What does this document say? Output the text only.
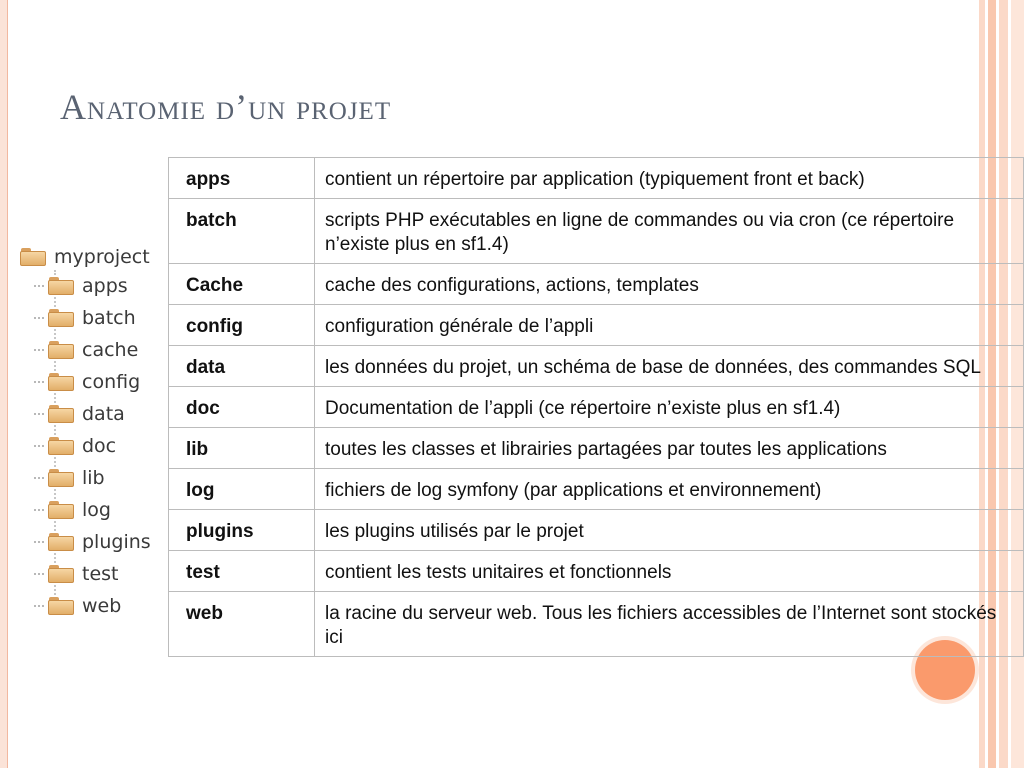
Anatomie d’un projet
myproject
apps
batch
cache
config
data
doc
lib
log
plugins
test
web
apps	contient un répertoire par application (typiquement front et back)
batch	scripts PHP exécutables en ligne de commandes ou via cron (ce répertoire n’existe plus en sf1.4)
Cache	cache des configurations, actions, templates
config	configuration générale de l’appli
data	les données du projet, un schéma de base de données, des commandes SQL
doc	Documentation de l’appli (ce répertoire n’existe plus en sf1.4)
lib	toutes les classes et librairies partagées par toutes les applications
log	fichiers de log symfony (par applications et environnement)
plugins	les plugins utilisés par le projet
test	contient les tests unitaires et fonctionnels
web	la racine du serveur web. Tous les fichiers accessibles de l’Internet sont stockés ici
